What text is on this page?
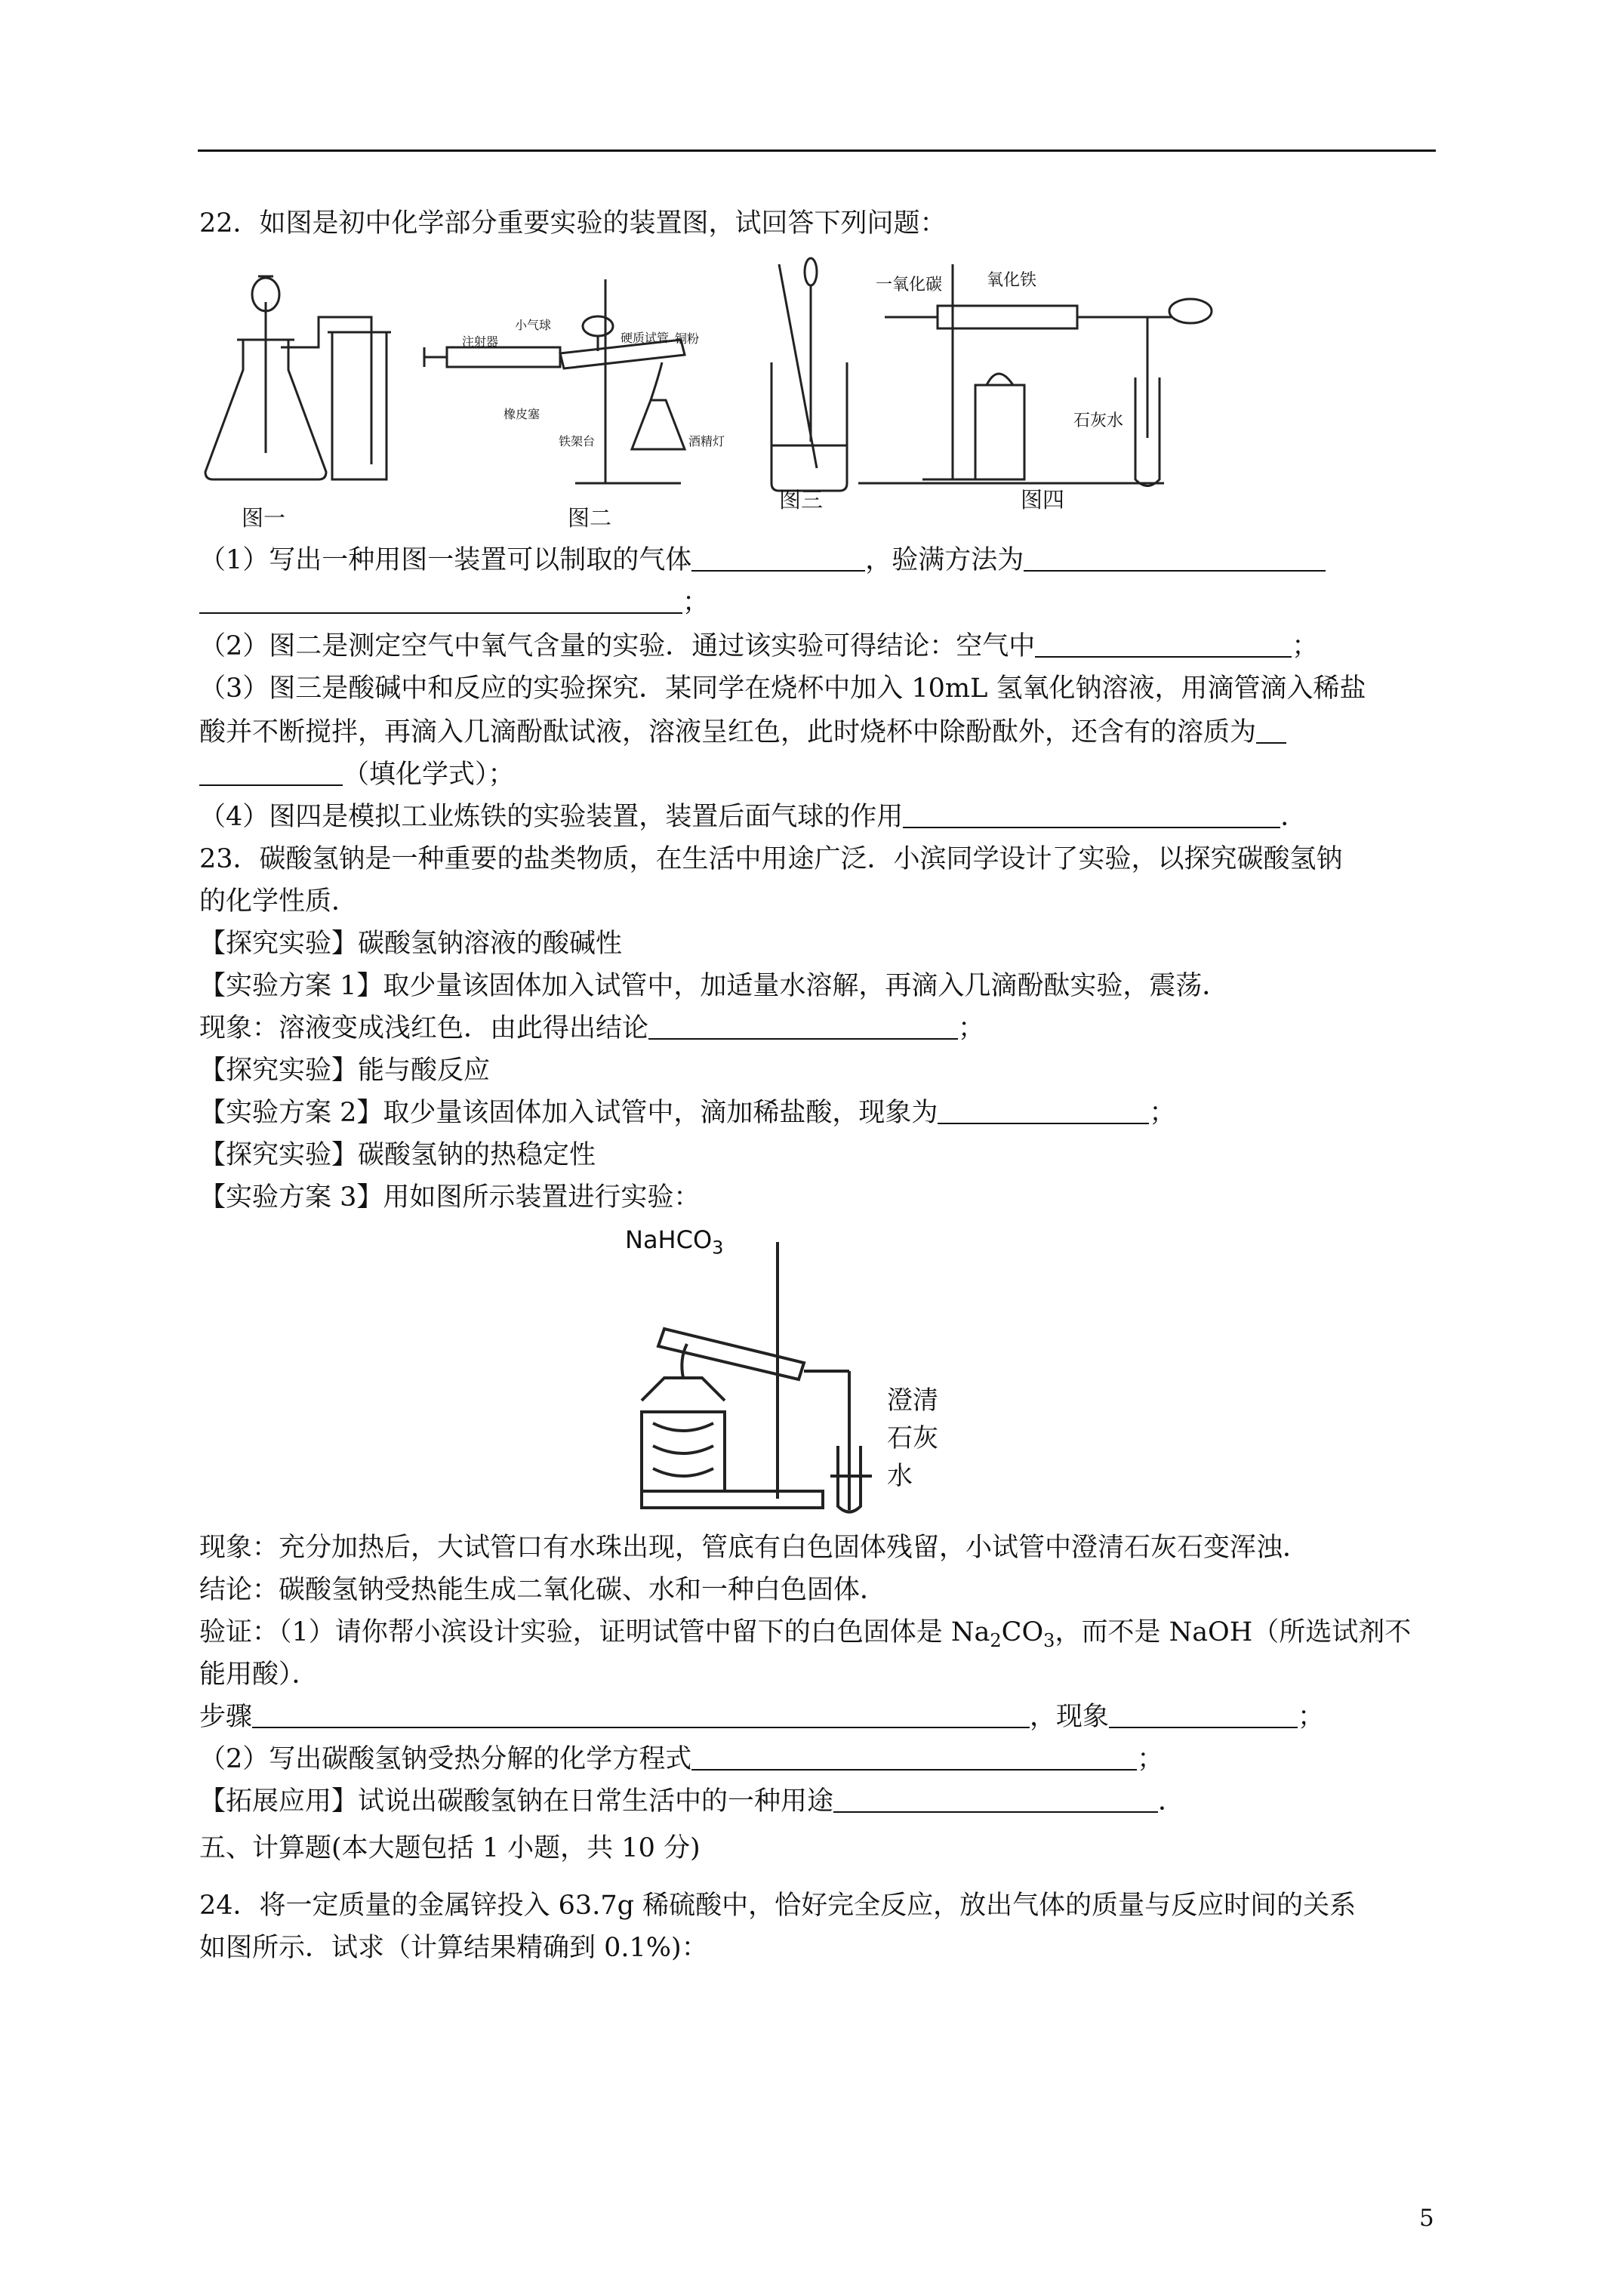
22．如图是初中化学部分重要实验的装置图，试回答下列问题：
图一	图二
图三	图四
一氧化碳	氧化铁
石灰水
小气球
注射器	硬质试管 铜粉
橡皮塞
铁架台	酒精灯
（1）写出一种用图一装置可以制取的气体	，验满方法为
；
（2）图二是测定空气中氧气含量的实验．通过该实验可得结论：空气中	；
（3）图三是酸碱中和反应的实验探究．某同学在烧杯中加入 10mL 氢氧化钠溶液，用滴管滴入稀盐
酸并不断搅拌，再滴入几滴酚酞试液，溶液呈红色，此时烧杯中除酚酞外，还含有的溶质为
（填化学式）；
（4）图四是模拟工业炼铁的实验装置，装置后面气球的作用	．
23．碳酸氢钠是一种重要的盐类物质，在生活中用途广泛．小滨同学设计了实验，以探究碳酸氢钠
的化学性质．
【探究实验】碳酸氢钠溶液的酸碱性
【实验方案 1】取少量该固体加入试管中，加适量水溶解，再滴入几滴酚酞实验，震荡．
现象：溶液变成浅红色．由此得出结论	；
【探究实验】能与酸反应
【实验方案 2】取少量该固体加入试管中，滴加稀盐酸，现象为	；
【探究实验】碳酸氢钠的热稳定性
【实验方案 3】用如图所示装置进行实验：
NaHCO$_3$
澄清
石灰
水
现象：充分加热后，大试管口有水珠出现，管底有白色固体残留，小试管中澄清石灰石变浑浊．
结论：碳酸氢钠受热能生成二氧化碳、水和一种白色固体．
验证：（1）请你帮小滨设计实验，证明试管中留下的白色固体是 $Na_2CO_3$，而不是 NaOH（所选试剂不
能用酸）．
步骤	，现象	；
（2）写出碳酸氢钠受热分解的化学方程式	；
【拓展应用】试说出碳酸氢钠在日常生活中的一种用途	．
五、计算题(本大题包括 1 小题，共 10 分)
24．将一定质量的金属锌投入 63.7g 稀硫酸中，恰好完全反应，放出气体的质量与反应时间的关系
如图所示．试求（计算结果精确到 0.1%)：
5
